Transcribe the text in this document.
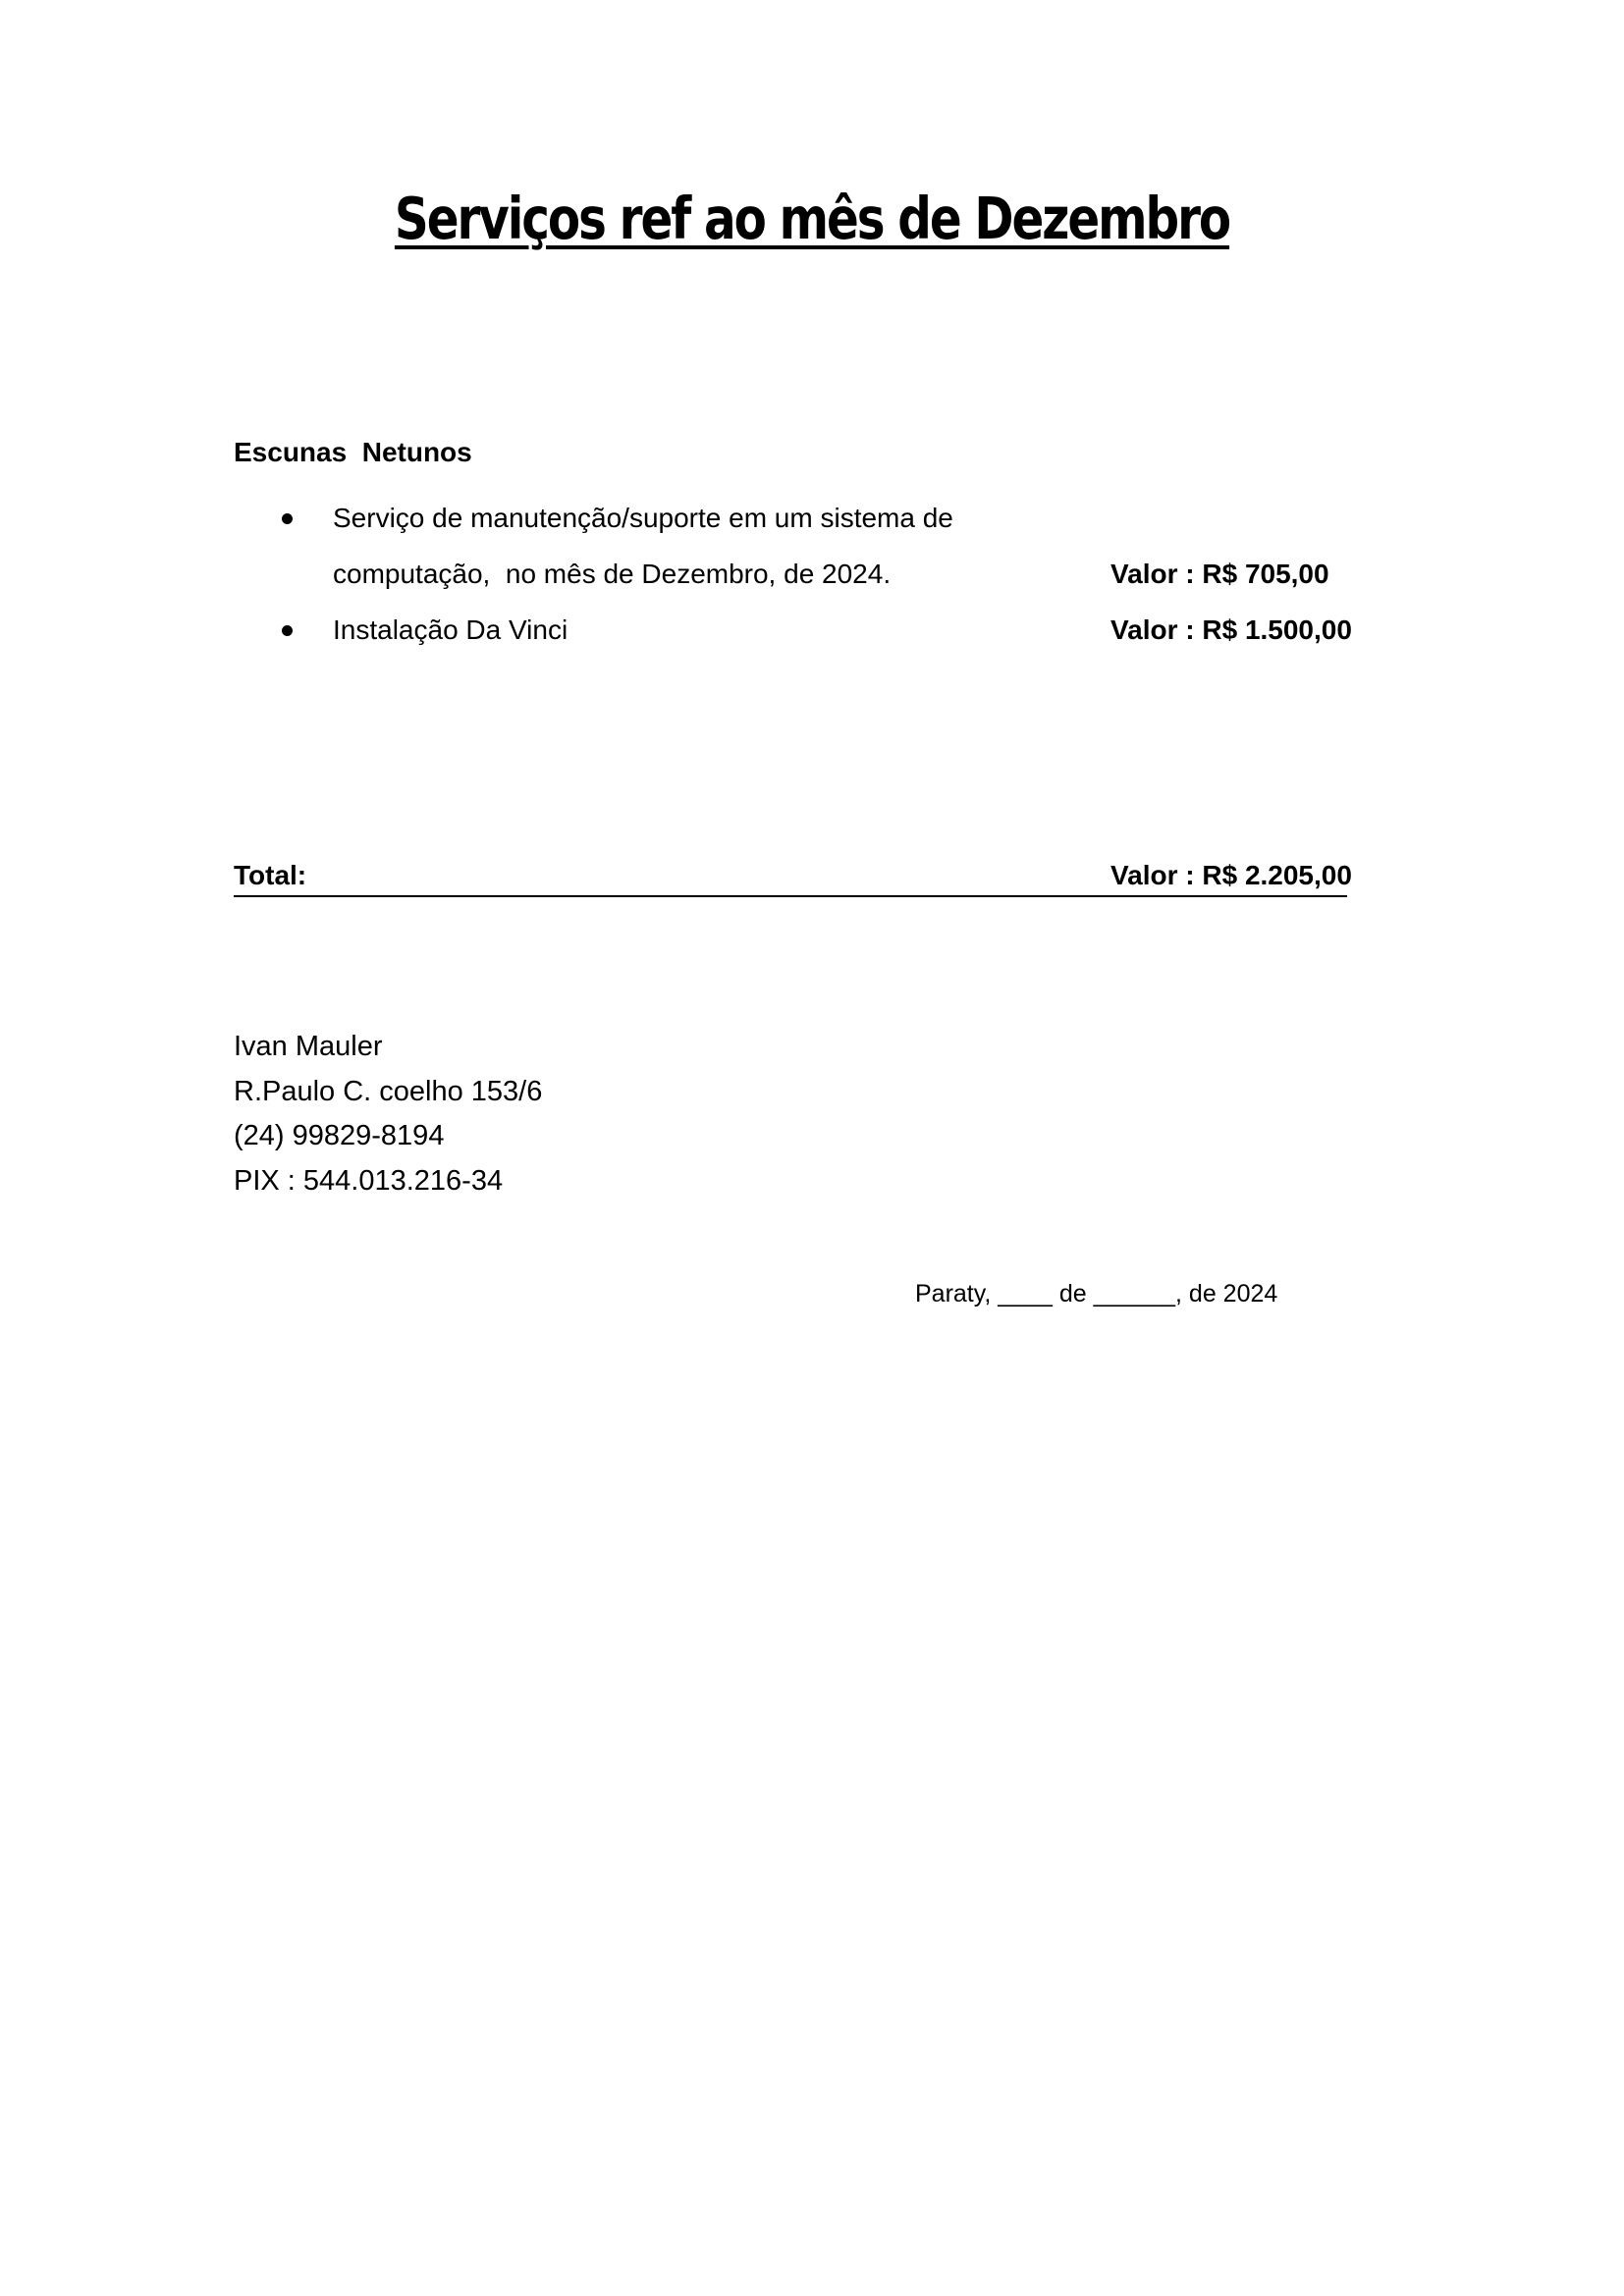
Serviços ref ao mês de Dezembro
Escunas  Netunos
Serviço de manutenção/suporte em um sistema de
computação,  no mês de Dezembro, de 2024.	Valor : R$ 705,00
Instalação Da Vinci	Valor : R$ 1.500,00
Total:	Valor : R$ 2.205,00
Ivan Mauler
R.Paulo C. coelho 153/6
(24) 99829-8194
PIX : 544.013.216-34
Paraty, ____ de ______, de 2024
